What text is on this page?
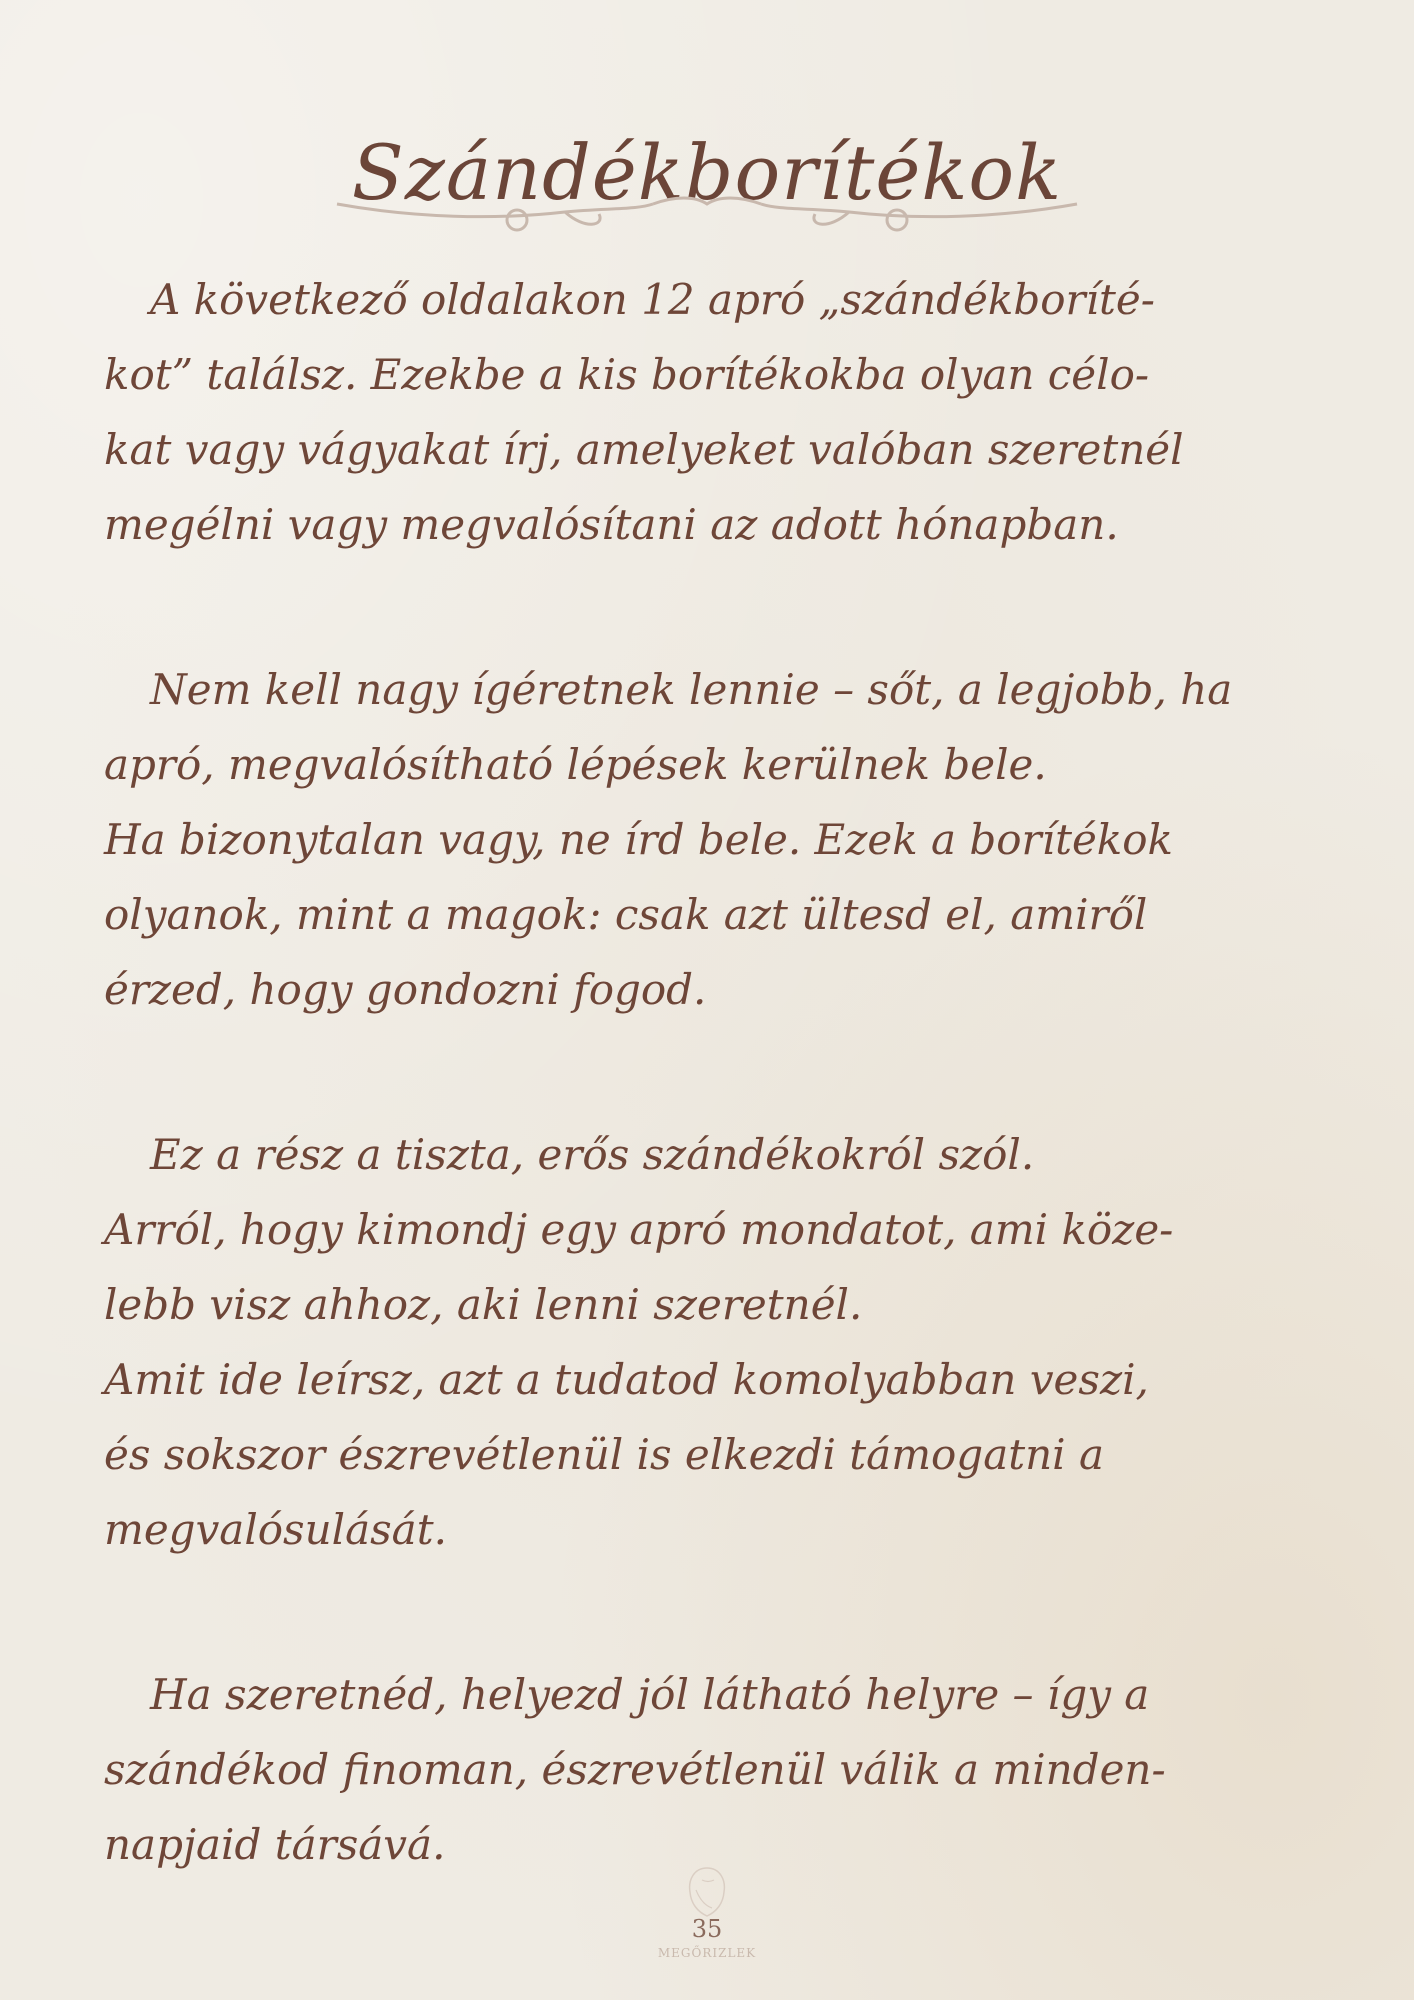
Szándékborítékok

A következő oldalakon 12 apró „szándékboríté-
kot” találsz. Ezekbe a kis borítékokba olyan célo-
kat vagy vágyakat írj, amelyeket valóban szeretnél
megélni vagy megvalósítani az adott hónapban.

Nem kell nagy ígéretnek lennie – sőt, a legjobb, ha
apró, megvalósítható lépések kerülnek bele.
Ha bizonytalan vagy, ne írd bele. Ezek a borítékok
olyanok, mint a magok: csak azt ültesd el, amiről
érzed, hogy gondozni fogod.

Ez a rész a tiszta, erős szándékokról szól.
Arról, hogy kimondj egy apró mondatot, ami köze-
lebb visz ahhoz, aki lenni szeretnél.
Amit ide leírsz, azt a tudatod komolyabban veszi,
és sokszor észrevétlenül is elkezdi támogatni a
megvalósulását.

Ha szeretnéd, helyezd jól látható helyre – így a
szándékod finoman, észrevétlenül válik a minden-
napjaid társává.

35
MEGŐRIZLEK
